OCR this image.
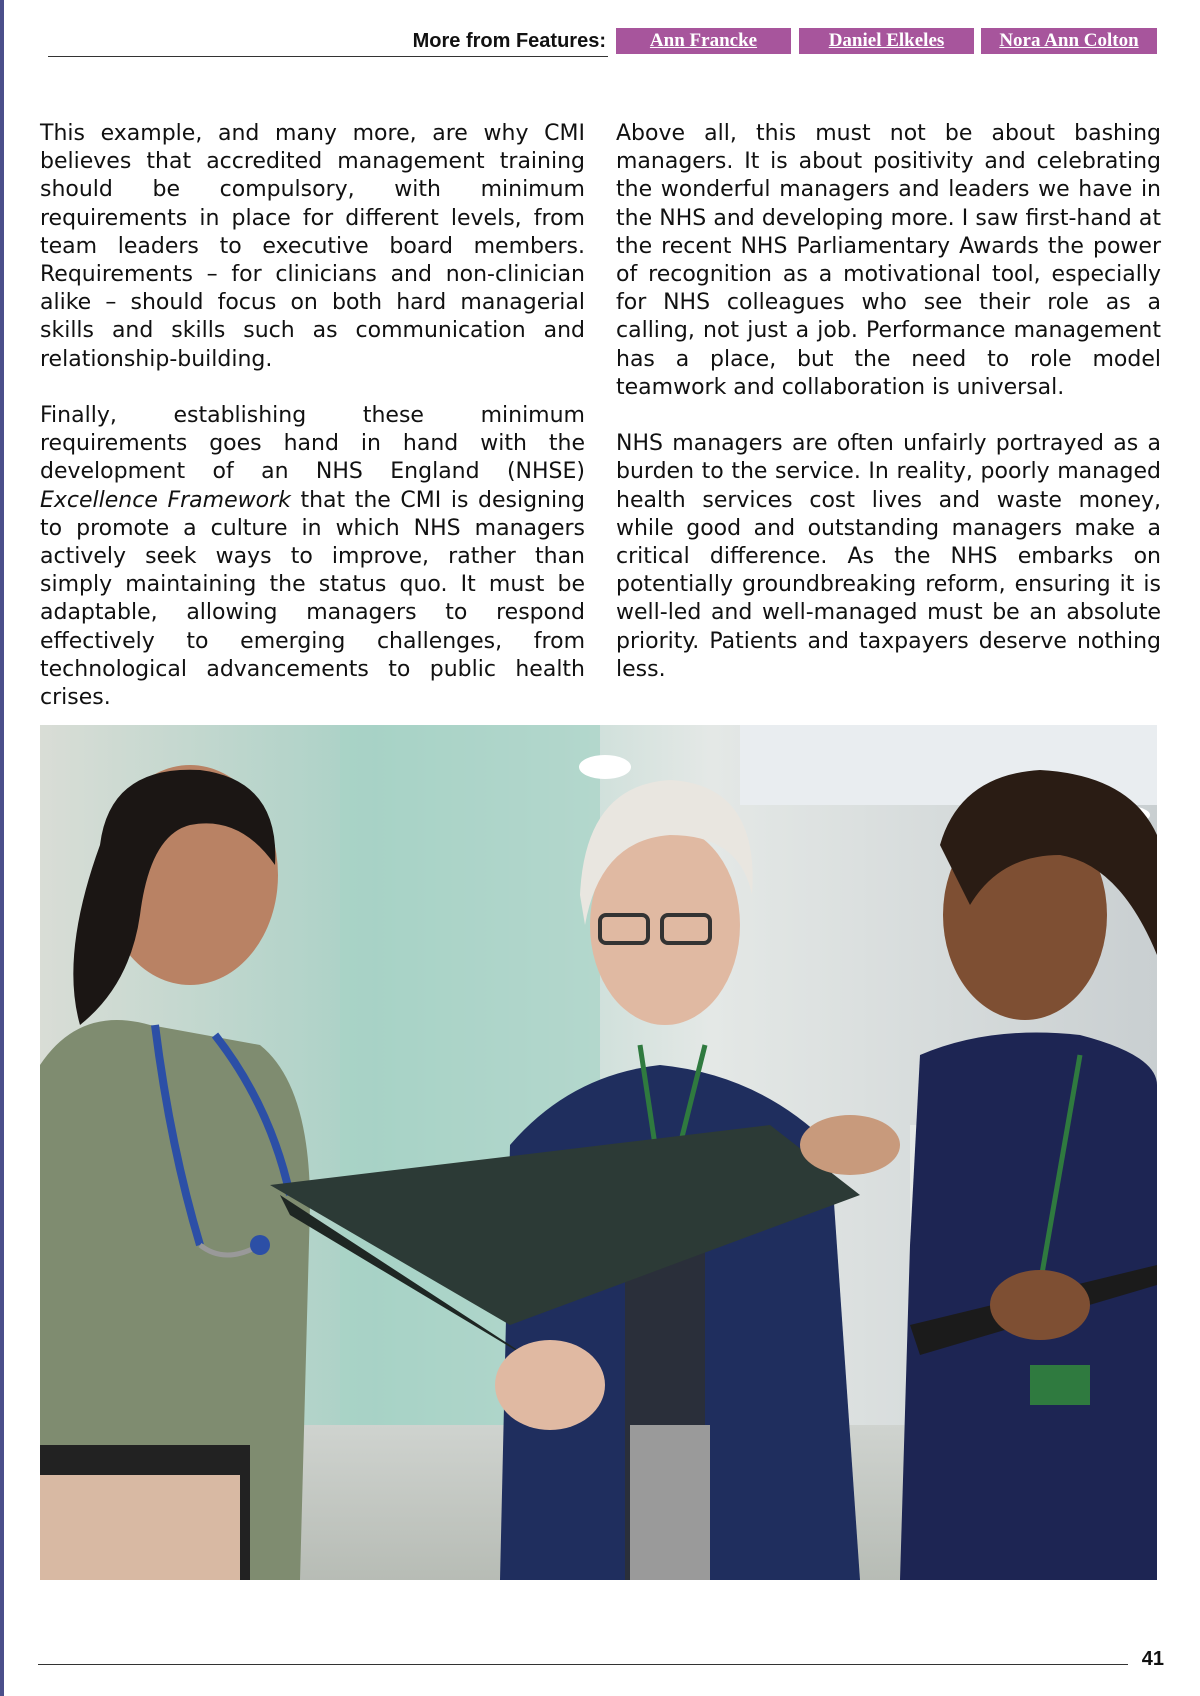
More from Features:	Ann Francke	Daniel Elkeles	Nora Ann Colton

This example, and many more, are why CMI believes that accredited management training should be compulsory, with minimum requirements in place for different levels, from team leaders to executive board members. Requirements – for clinicians and non-clinician alike – should focus on both hard managerial skills and skills such as communication and relationship-building.

Finally, establishing these minimum requirements goes hand in hand with the development of an NHS England (NHSE) Excellence Framework that the CMI is designing to promote a culture in which NHS managers actively seek ways to improve, rather than simply maintaining the status quo. It must be adaptable, allowing managers to respond effectively to emerging challenges, from technological advancements to public health crises.

Above all, this must not be about bashing managers. It is about positivity and celebrating the wonderful managers and leaders we have in the NHS and developing more. I saw first-hand at the recent NHS Parliamentary Awards the power of recognition as a motivational tool, especially for NHS colleagues who see their role as a calling, not just a job. Performance management has a place, but the need to role model teamwork and collaboration is universal.

NHS managers are often unfairly portrayed as a burden to the service. In reality, poorly managed health services cost lives and waste money, while good and outstanding managers make a critical difference. As the NHS embarks on potentially groundbreaking reform, ensuring it is well-led and well-managed must be an absolute priority. Patients and taxpayers deserve nothing less.

41
